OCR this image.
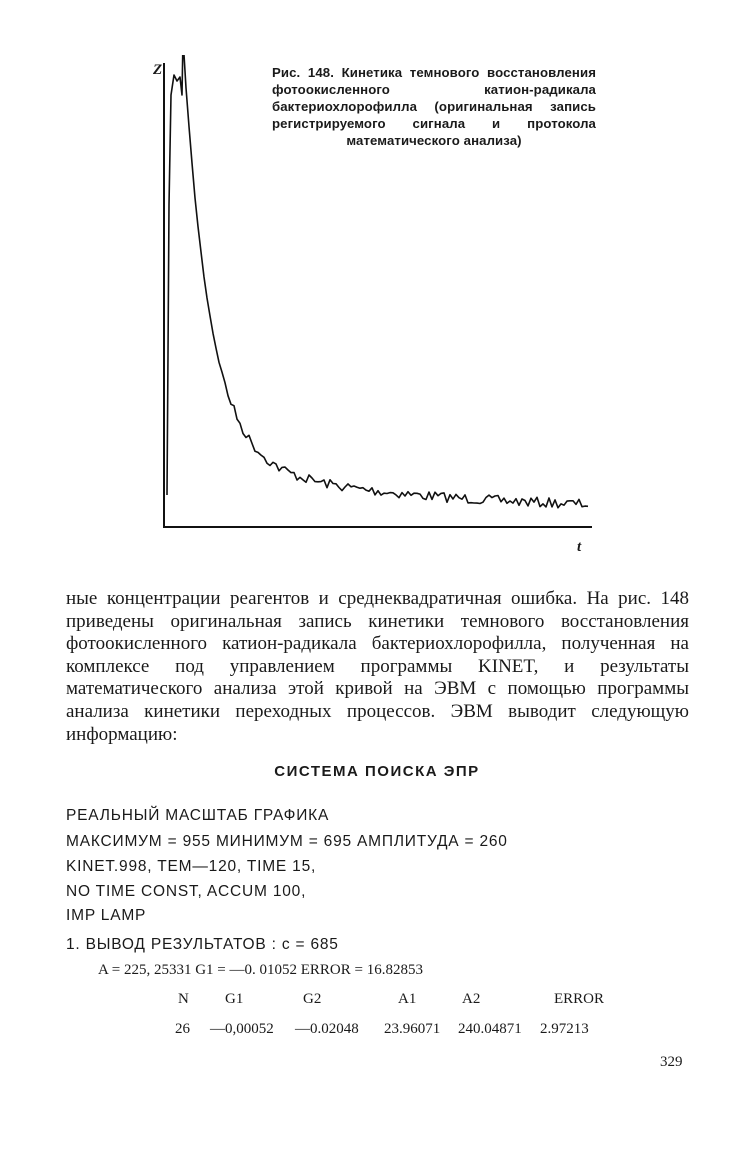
Z
t
Рис. 148. Кинетика темнового восстановления фотоокисленного катион-радикала бактериохлорофилла (оригинальная запись регистрируемого сигнала и протокола математического анализа)
ные концентрации реагентов и среднеквадратичная ошибка. На рис. 148 приведены оригинальная запись кинетики темнового восстановления фотоокисленного катион-радикала бактериохлорофилла, полученная на комплексе под управлением программы KINET, и результаты математического анализа этой кривой на ЭВМ с помощью программы анализа кинетики переходных процессов. ЭВМ выводит следующую информацию:
СИСТЕМА ПОИСКА ЭПР
РЕАЛЬНЫЙ МАСШТАБ ГРАФИКА
МАКСИМУМ = 955 МИНИМУМ = 695 АМПЛИТУДА = 260
KINET.998, TEM—120, TIME 15,
NO TIME CONST, ACCUM 100,
IMP LAMP
1. ВЫВОД РЕЗУЛЬТАТОВ : c = 685
A = 225, 25331 G1 = —0. 01052 ERROR = 16.82853
N G1	G2	A1	A2	ERROR
26 —0,00052 —0.02048 23.96071 240.04871 2.97213
329
